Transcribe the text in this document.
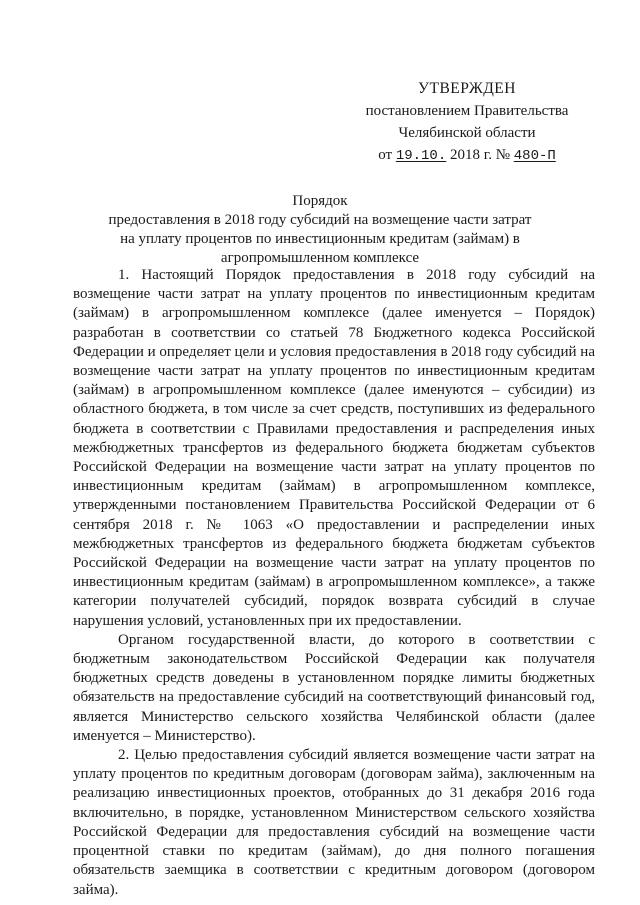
УТВЕРЖДЕН
постановлением Правительства
Челябинской области
от 19.10. 2018 г. № 480-П
Порядок
предоставления в 2018 году субсидий на возмещение части затрат
на уплату процентов по инвестиционным кредитам (займам) в
агропромышленном комплексе

1. Настоящий Порядок предоставления в 2018 году субсидий на возмещение части затрат на уплату процентов по инвестиционным кредитам (займам) в агропромышленном комплексе (далее именуется – Порядок) разработан в соответствии со статьей 78 Бюджетного кодекса Российской Федерации и определяет цели и условия предоставления в 2018 году субсидий на возмещение части затрат на уплату процентов по инвестиционным кредитам (займам) в агропромышленном комплексе (далее именуются – субсидии) из областного бюджета, в том числе за счет средств, поступивших из федерального бюджета в соответствии с Правилами предоставления и распределения иных межбюджетных трансфертов из федерального бюджета бюджетам субъектов Российской Федерации на возмещение части затрат на уплату процентов по инвестиционным кредитам (займам) в агропромышленном комплексе, утвержденными постановлением Правительства Российской Федерации от 6 сентября 2018 г. № 1063 «О предоставлении и распределении иных межбюджетных трансфертов из федерального бюджета бюджетам субъектов Российской Федерации на возмещение части затрат на уплату процентов по инвестиционным кредитам (займам) в агропромышленном комплексе», а также категории получателей субсидий, порядок возврата субсидий в случае нарушения условий, установленных при их предоставлении.

Органом государственной власти, до которого в соответствии с бюджетным законодательством Российской Федерации как получателя бюджетных средств доведены в установленном порядке лимиты бюджетных обязательств на предоставление субсидий на соответствующий финансовый год, является Министерство сельского хозяйства Челябинской области (далее именуется – Министерство).

2. Целью предоставления субсидий является возмещение части затрат на уплату процентов по кредитным договорам (договорам займа), заключенным на реализацию инвестиционных проектов, отобранных до 31 декабря 2016 года включительно, в порядке, установленном Министерством сельского хозяйства Российской Федерации для предоставления субсидий на возмещение части процентной ставки по кредитам (займам), до дня полного погашения обязательств заемщика в соответствии с кредитным договором (договором займа).
